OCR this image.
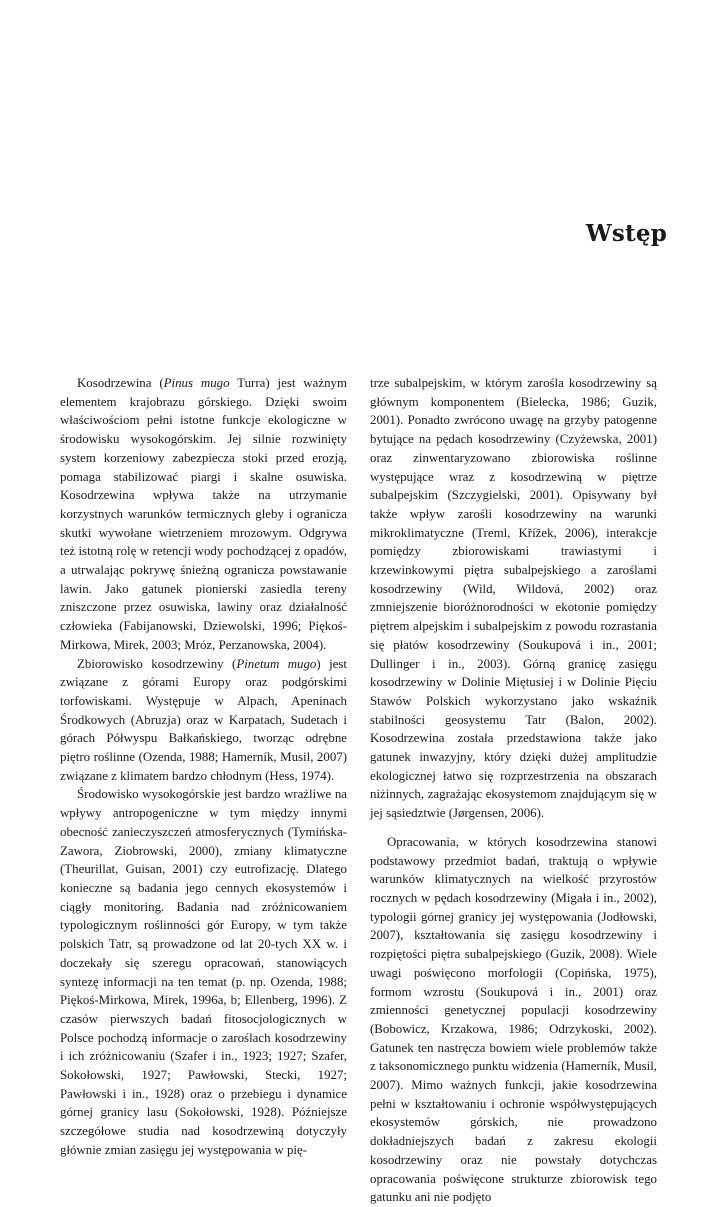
Wstęp

Kosodrzewina (Pinus mugo Turra) jest ważnym elementem krajobrazu górskiego. Dzięki swoim właściwościom pełni istotne funkcje ekologiczne w środowisku wysokogórskim. Jej silnie rozwinięty system korzeniowy zabezpiecza stoki przed erozją, pomaga stabilizować piargi i skalne osuwiska. Kosodrzewina wpływa także na utrzymanie korzystnych warunków termicznych gleby i ogranicza skutki wywołane wietrzeniem mrozowym. Odgrywa też istotną rolę w retencji wody pochodzącej z opadów, a utrwalając pokrywę śnieżną ogranicza powstawanie lawin. Jako gatunek pionierski zasiedla tereny zniszczone przez osuwiska, lawiny oraz działalność człowieka (Fabijanowski, Dziewolski, 1996; Piękoś-Mirkowa, Mirek, 2003; Mróz, Perzanowska, 2004).

Zbiorowisko kosodrzewiny (Pinetum mugo) jest związane z górami Europy oraz podgórskimi torfowiskami. Występuje w Alpach, Apeninach Środkowych (Abruzja) oraz w Karpatach, Sudetach i górach Półwyspu Bałkańskiego, tworząc odrębne piętro roślinne (Ozenda, 1988; Hamerník, Musil, 2007) związane z klimatem bardzo chłodnym (Hess, 1974).

Środowisko wysokogórskie jest bardzo wrażliwe na wpływy antropogeniczne w tym między innymi obecność zanieczyszczeń atmosferycznych (Tymińska-Zawora, Ziobrowski, 2000), zmiany klimatyczne (Theurillat, Guisan, 2001) czy eutrofizację. Dlatego konieczne są badania jego cennych ekosystemów i ciągły monitoring. Badania nad zróżnicowaniem typologicznym roślinności gór Europy, w tym także polskich Tatr, są prowadzone od lat 20-tych XX w. i doczekały się szeregu opracowań, stanowiących syntezę informacji na ten temat (p. np. Ozenda, 1988; Piękoś-Mirkowa, Mirek, 1996a, b; Ellenberg, 1996). Z czasów pierwszych badań fitosocjologicznych w Polsce pochodzą informacje o zaroślach kosodrzewiny i ich zróżnicowaniu (Szafer i in., 1923; 1927; Szafer, Sokołowski, 1927; Pawłowski, Stecki, 1927; Pawłowski i in., 1928) oraz o przebiegu i dynamice górnej granicy lasu (Sokołowski, 1928). Późniejsze szczegółowe studia nad kosodrzewiną dotyczyły głównie zmian zasięgu jej występowania w pię-

trze subalpejskim, w którym zarośla kosodrzewiny są głównym komponentem (Bielecka, 1986; Guzik, 2001). Ponadto zwrócono uwagę na grzyby patogenne bytujące na pędach kosodrzewiny (Czyżewska, 2001) oraz zinwentaryzowano zbiorowiska roślinne występujące wraz z kosodrzewiną w piętrze subalpejskim (Szczygielski, 2001). Opisywany był także wpływ zarośli kosodrzewiny na warunki mikroklimatyczne (Treml, Křížek, 2006), interakcje pomiędzy zbiorowiskami trawiastymi i krzewinkowymi piętra subalpejskiego a zaroślami kosodrzewiny (Wild, Wildová, 2002) oraz zmniejszenie bioróżnorodności w ekotonie pomiędzy piętrem alpejskim i subalpejskim z powodu rozrastania się płatów kosodrzewiny (Soukupová i in., 2001; Dullinger i in., 2003). Górną granicę zasięgu kosodrzewiny w Dolinie Miętusiej i w Dolinie Pięciu Stawów Polskich wykorzystano jako wskaźnik stabilności geosystemu Tatr (Balon, 2002). Kosodrzewina została przedstawiona także jako gatunek inwazyjny, który dzięki dużej amplitudzie ekologicznej łatwo się rozprzestrzenia na obszarach niżinnych, zagrażając ekosystemom znajdującym się w jej sąsiedztwie (Jørgensen, 2006).

Opracowania, w których kosodrzewina stanowi podstawowy przedmiot badań, traktują o wpływie warunków klimatycznych na wielkość przyrostów rocznych w pędach kosodrzewiny (Migała i in., 2002), typologii górnej granicy jej występowania (Jodłowski, 2007), kształtowania się zasięgu kosodrzewiny i rozpiętości piętra subalpejskiego (Guzik, 2008). Wiele uwagi poświęcono morfologii (Copińska, 1975), formom wzrostu (Soukupová i in., 2001) oraz zmienności genetycznej populacji kosodrzewiny (Bobowicz, Krzakowa, 1986; Odrzykoski, 2002). Gatunek ten nastręcza bowiem wiele problemów także z taksonomicznego punktu widzenia (Hamerník, Musil, 2007). Mimo ważnych funkcji, jakie kosodrzewina pełni w kształtowaniu i ochronie współwystępujących ekosystemów górskich, nie prowadzono dokładniejszych badań z zakresu ekologii kosodrzewiny oraz nie powstały dotychczas opracowania poświęcone strukturze zbiorowisk tego gatunku ani nie podjęto
